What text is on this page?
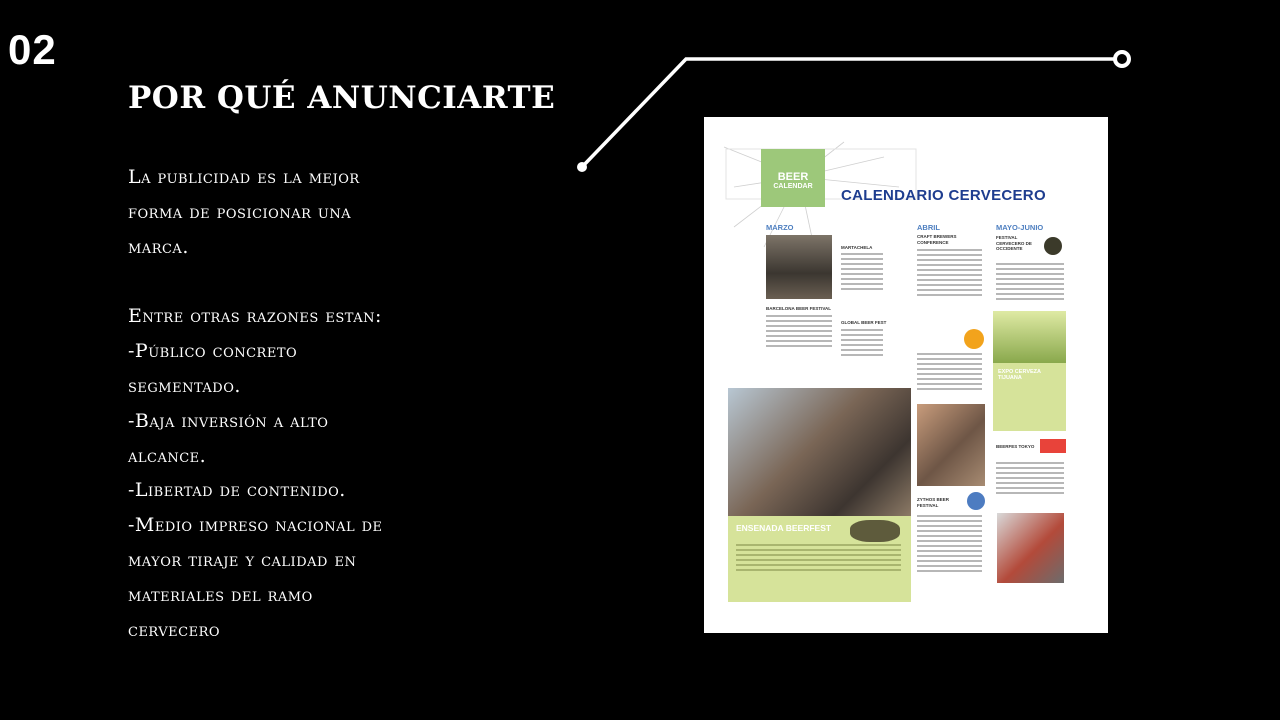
02
POR QUÉ ANUNCIARTE

La publicidad es la mejor

forma de posicionar una

marca.

Entre otras razones estan:

-Público concreto

segmentado.

-Baja inversión a alto

alcance.

-Libertad de contenido.

-Medio impreso nacional de

mayor tiraje y calidad en

materiales del ramo

cervecero

BEER
CALENDAR
CALENDARIO CERVECERO
MARZO	ABRIL	MAYO-JUNIO
BARCELONA BEER FESTIVAL
MARTACHELA
GLOBAL BEER FEST
CRAFT BREWERS CONFERENCE
ZYTHOS BEER FESTIVAL
FESTIVAL CERVECERO DE OCCIDENTE
EXPO CERVEZA TIJUANA
BEERFES TOKYO
ENSENADA BEERFEST
